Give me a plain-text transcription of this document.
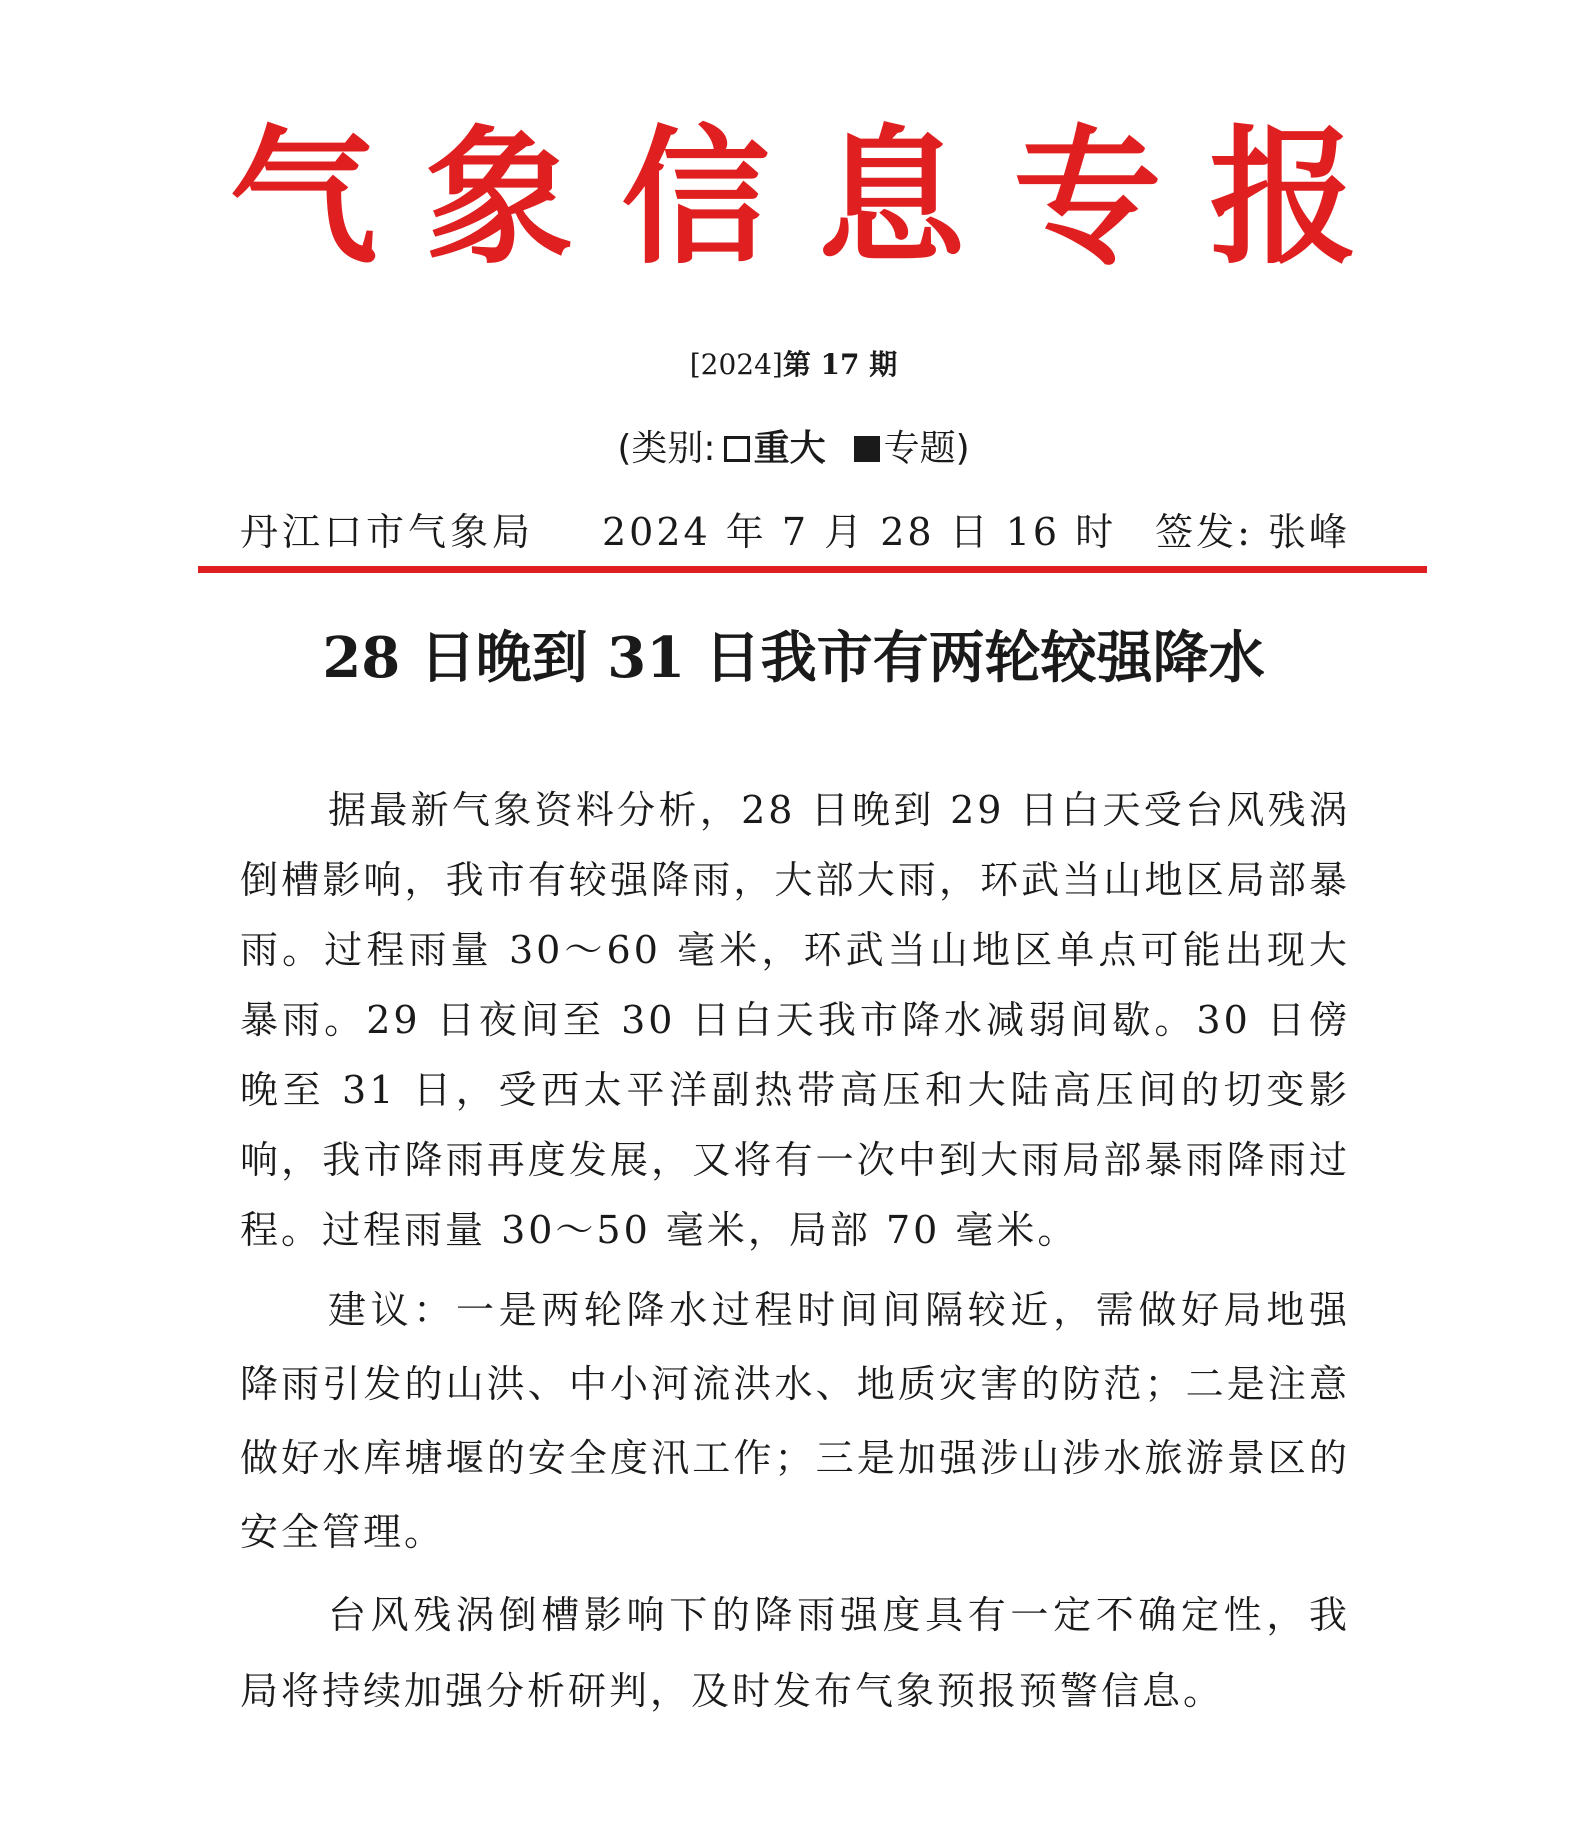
气象信息专报
[2024]第 17 期
(类别: 重大 专题)
丹江口市气象局 2024 年 7 月 28 日 16 时 签发: 张峰
28 日晚到 31 日我市有两轮较强降水

据最新气象资料分析，28 日晚到 29 日白天受台风残涡倒槽影响，我市有较强降雨，大部大雨，环武当山地区局部暴雨。过程雨量 30～60 毫米，环武当山地区单点可能出现大暴雨。29 日夜间至 30 日白天我市降水减弱间歇。30 日傍晚至 31 日，受西太平洋副热带高压和大陆高压间的切变影响，我市降雨再度发展，又将有一次中到大雨局部暴雨降雨过程。过程雨量 30～50 毫米，局部 70 毫米。

建议：一是两轮降水过程时间间隔较近，需做好局地强降雨引发的山洪、中小河流洪水、地质灾害的防范；二是注意做好水库塘堰的安全度汛工作；三是加强涉山涉水旅游景区的安全管理。

台风残涡倒槽影响下的降雨强度具有一定不确定性，我局将持续加强分析研判，及时发布气象预报预警信息。
